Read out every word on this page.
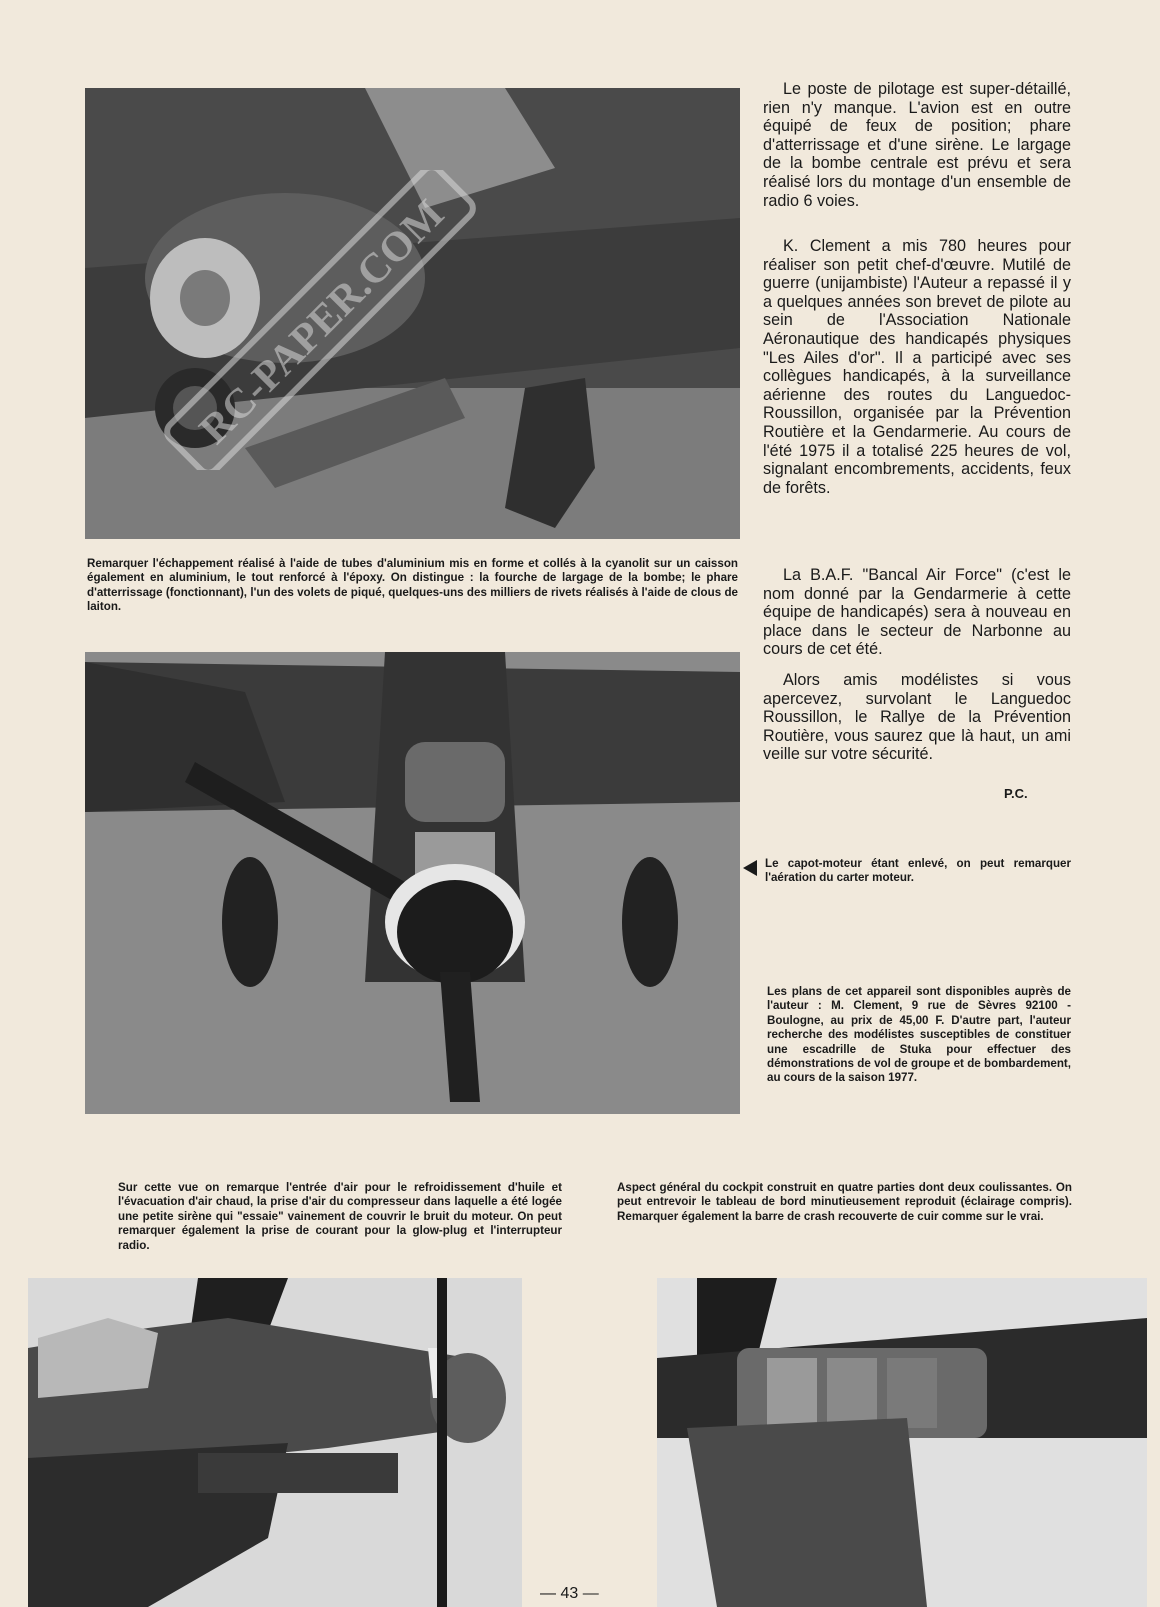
RC-PAPER.COM

Le poste de pilotage est super-détaillé, rien n'y manque. L'avion est en outre équipé de feux de position; phare d'atterrissage et d'une sirène. Le largage de la bombe centrale est prévu et sera réalisé lors du montage d'un ensemble de radio 6 voies.

K. Clement a mis 780 heures pour réaliser son petit chef-d'œuvre. Mutilé de guerre (unijambiste) l'Auteur a repassé il y a quelques années son brevet de pilote au sein de l'Association Nationale Aéronautique des handicapés physiques "Les Ailes d'or". Il a participé avec ses collègues handicapés, à la surveillance aérienne des routes du Languedoc-Roussillon, organisée par la Prévention Routière et la Gendarmerie. Au cours de l'été 1975 il a totalisé 225 heures de vol, signalant encombrements, accidents, feux de forêts.

La B.A.F. "Bancal Air Force" (c'est le nom donné par la Gendarmerie à cette équipe de handicapés) sera à nouveau en place dans le secteur de Narbonne au cours de cet été.

Alors amis modélistes si vous apercevez, survolant le Languedoc Roussillon, le Rallye de la Prévention Routière, vous saurez que là haut, un ami veille sur votre sécurité.

P.C.

Remarquer l'échappement réalisé à l'aide de tubes d'aluminium mis en forme et collés à la cyanolit sur un caisson également en aluminium, le tout renforcé à l'époxy. On distingue : la fourche de largage de la bombe; le phare d'atterrissage (fonctionnant), l'un des volets de piqué, quelques-uns des milliers de rivets réalisés à l'aide de clous de laiton.

Le capot-moteur étant enlevé, on peut remarquer l'aération du carter moteur.

Les plans de cet appareil sont disponibles auprès de l'auteur : M. Clement, 9 rue de Sèvres 92100 - Boulogne, au prix de 45,00 F. D'autre part, l'auteur recherche des modélistes susceptibles de constituer une escadrille de Stuka pour effectuer des démonstrations de vol de groupe et de bombardement, au cours de la saison 1977.

Sur cette vue on remarque l'entrée d'air pour le refroidissement d'huile et l'évacuation d'air chaud, la prise d'air du compresseur dans laquelle a été logée une petite sirène qui "essaie" vainement de couvrir le bruit du moteur. On peut remarquer également la prise de courant pour la glow-plug et l'interrupteur radio.

Aspect général du cockpit construit en quatre parties dont deux coulissantes. On peut entrevoir le tableau de bord minutieusement reproduit (éclairage compris). Remarquer également la barre de crash recouverte de cuir comme sur le vrai.

— 43 —
